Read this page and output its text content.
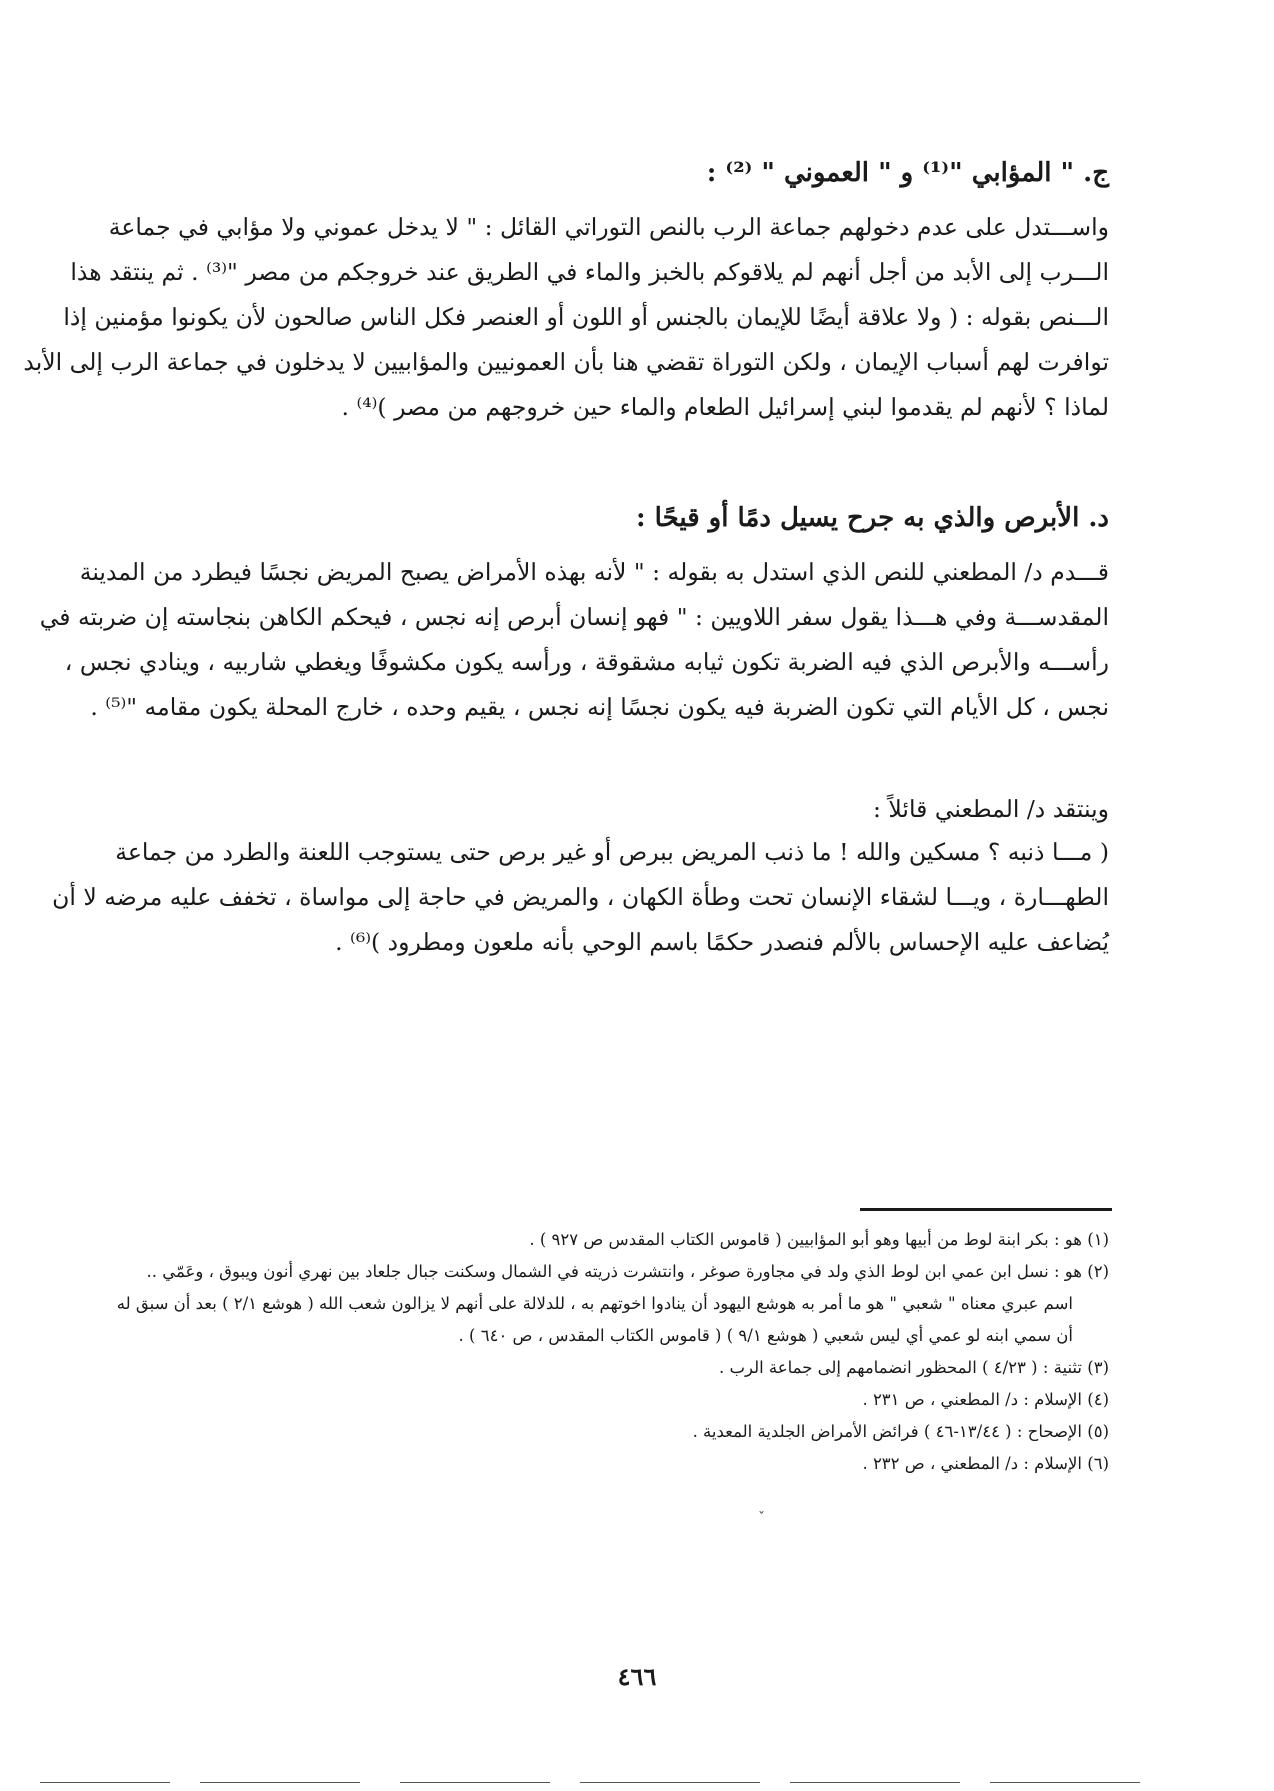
ج. " المؤابي "⁽¹⁾ و " العموني " ⁽²⁾ :
واســـتدل على عدم دخولهم جماعة الرب بالنص التوراتي القائل : " لا يدخل عموني ولا مؤابي في جماعة
الـــرب إلى الأبد من أجل أنهم لم يلاقوكم بالخبز والماء في الطريق عند خروجكم من مصر "⁽³⁾ . ثم ينتقد هذا
الـــنص بقوله : ( ولا علاقة أيضًا للإيمان بالجنس أو اللون أو العنصر فكل الناس صالحون لأن يكونوا مؤمنين إذا
توافرت لهم أسباب الإيمان ، ولكن التوراة تقضي هنا بأن العمونيين والمؤابيين لا يدخلون في جماعة الرب إلى الأبد
لماذا ؟ لأنهم لم يقدموا لبني إسرائيل الطعام والماء حين خروجهم من مصر )⁽⁴⁾ .
د. الأبرص والذي به جرح يسيل دمًا أو قيحًا :
قـــدم د/ المطعني للنص الذي استدل به بقوله : " لأنه بهذه الأمراض يصبح المريض نجسًا فيطرد من المدينة
المقدســـة وفي هـــذا يقول سفر اللاويين : " فهو إنسان أبرص إنه نجس ، فيحكم الكاهن بنجاسته إن ضربته في
رأســـه والأبرص الذي فيه الضربة تكون ثيابه مشقوقة ، ورأسه يكون مكشوفًا ويغطي شاربيه ، وينادي نجس ،
نجس ، كل الأيام التي تكون الضربة فيه يكون نجسًا إنه نجس ، يقيم وحده ، خارج المحلة يكون مقامه "⁽⁵⁾ .
وينتقد د/ المطعني قائلاً :
( مـــا ذنبه ؟ مسكين والله ! ما ذنب المريض ببرص أو غير برص حتى يستوجب اللعنة والطرد من جماعة
الطهـــارة ، ويـــا لشقاء الإنسان تحت وطأة الكهان ، والمريض في حاجة إلى مواساة ، تخفف عليه مرضه لا أن
يُضاعف عليه الإحساس بالألم فنصدر حكمًا باسم الوحي بأنه ملعون ومطرود )⁽⁶⁾ .
(١) هو : بكر ابنة لوط من أبيها وهو أبو المؤابيين ( قاموس الكتاب المقدس ص ٩٢٧ ) .
(٢) هو : نسل ابن عمي ابن لوط الذي ولد في مجاورة صوغر ، وانتشرت ذريته في الشمال وسكنت جبال جلعاد بين نهري أنون ويبوق ، وعَمّي ..
اسم عبري معناه " شعبي " هو ما أمر به هوشع اليهود أن ينادوا اخوتهم به ، للدلالة على أنهم لا يزالون شعب الله ( هوشع ٢/١ ) بعد أن سبق له
أن سمي ابنه لو عمي أي ليس شعبي ( هوشع ٩/١ ) ( قاموس الكتاب المقدس ، ص ٦٤٠ ) .
(٣) تثنية : ( ٤/٢٣ ) المحظور انضمامهم إلى جماعة الرب .
(٤) الإسلام : د/ المطعني ، ص ٢٣١ .
(٥) الإصحاح : ( ١٣/٤٤-٤٦ ) فرائض الأمراض الجلدية المعدية .
(٦) الإسلام : د/ المطعني ، ص ٢٣٢ .
ˇ
٤٦٦
